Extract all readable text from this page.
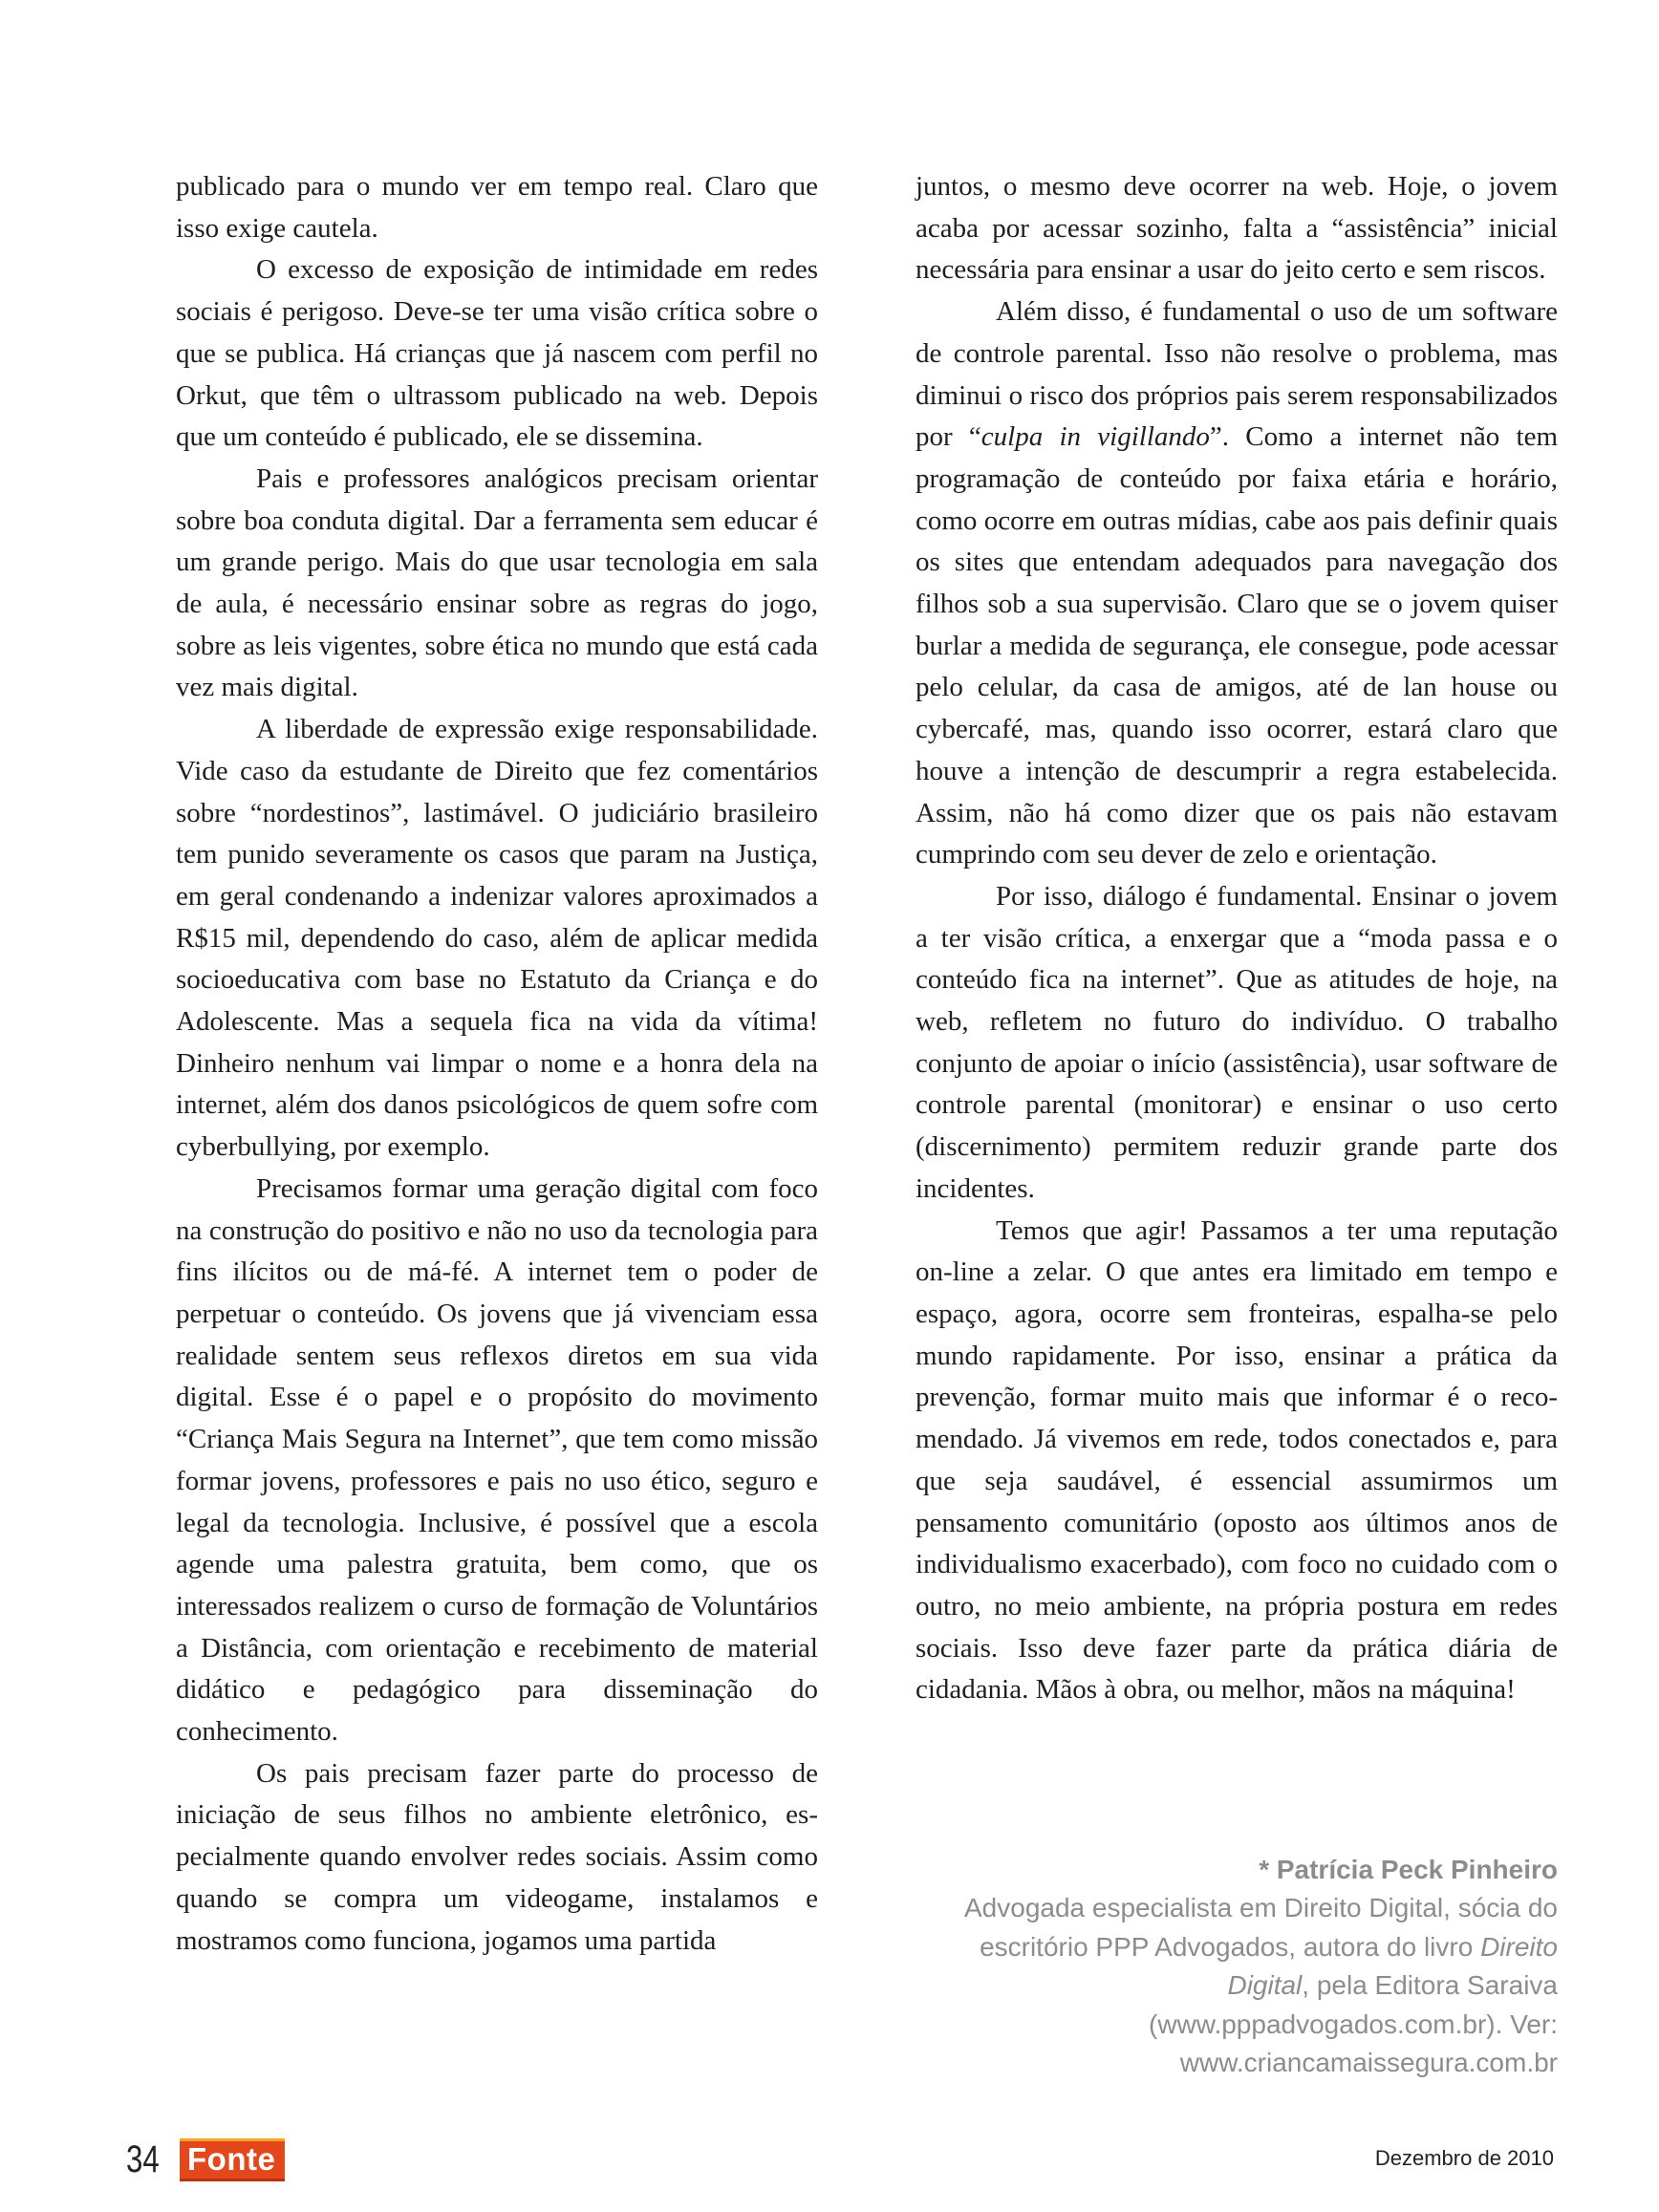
publicado para o mundo ver em tempo real. Claro que isso exige cautela.

O excesso de exposição de intimidade em redes sociais é perigoso. Deve-se ter uma visão crítica sobre o que se publica. Há crianças que já nascem com perfil no Orkut, que têm o ultrassom publicado na web. Depois que um conteúdo é publicado, ele se dissemina.

Pais e professores analógicos precisam orientar sobre boa conduta digital. Dar a ferramenta sem educar é um grande perigo. Mais do que usar tecnologia em sala de aula, é necessário ensinar sobre as regras do jogo, sobre as leis vigentes, sobre ética no mundo que está cada vez mais digital.

A liberdade de expressão exige responsabilidade. Vide caso da estudante de Direito que fez comentários sobre “nordestinos”, lastimável. O judiciário brasileiro tem punido severamente os casos que param na Justiça, em geral condenando a indenizar valores aproximados a R$15 mil, dependendo do caso, além de aplicar medida socioeducativa com base no Estatuto da Criança e do Adolescente. Mas a sequela fica na vida da vítima! Dinheiro nenhum vai limpar o nome e a honra dela na internet, além dos danos psicológicos de quem sofre com cyberbullying, por exemplo.

Precisamos formar uma geração digital com foco na construção do positivo e não no uso da tecnologia para fins ilícitos ou de má-fé. A internet tem o poder de perpetuar o conteúdo. Os jovens que já vivenciam essa realidade sentem seus reflexos diretos em sua vida digital. Esse é o papel e o propósito do movimento “Criança Mais Segura na Internet”, que tem como missão formar jovens, professores e pais no uso ético, seguro e legal da tecnologia. Inclusive, é possível que a escola agende uma palestra gratuita, bem como, que os interessados realizem o curso de formação de Voluntários a Distância, com orientação e recebimento de material didático e pedagógico para disseminação do conhecimento.

Os pais precisam fazer parte do processo de iniciação de seus filhos no ambiente eletrônico, especialmente quando envolver redes sociais. Assim como quando se compra um videogame, instalamos e mostramos como funciona, jogamos uma partida

juntos, o mesmo deve ocorrer na web. Hoje, o jovem acaba por acessar sozinho, falta a “assistência” inicial necessária para ensinar a usar do jeito certo e sem riscos.

Além disso, é fundamental o uso de um software de controle parental. Isso não resolve o problema, mas diminui o risco dos próprios pais serem responsabilizados por “culpa in vigillando”. Como a internet não tem programação de conteúdo por faixa etária e horário, como ocorre em outras mídias, cabe aos pais definir quais os sites que entendam adequados para navegação dos filhos sob a sua supervisão. Claro que se o jovem quiser burlar a medida de segurança, ele consegue, pode acessar pelo celular, da casa de amigos, até de lan house ou cybercafé, mas, quando isso ocorrer, estará claro que houve a intenção de descumprir a regra estabelecida. Assim, não há como dizer que os pais não estavam cumprindo com seu dever de zelo e orientação.

Por isso, diálogo é fundamental. Ensinar o jovem a ter visão crítica, a enxergar que a “moda passa e o conteúdo fica na internet”. Que as atitudes de hoje, na web, refletem no futuro do indivíduo. O trabalho conjunto de apoiar o início (assistência), usar software de controle parental (monitorar) e ensinar o uso certo (discernimento) permitem reduzir grande parte dos incidentes.

Temos que agir! Passamos a ter uma reputação on-line a zelar. O que antes era limitado em tempo e espaço, agora, ocorre sem fronteiras, espalha-se pelo mundo rapidamente. Por isso, ensinar a prática da prevenção, formar muito mais que informar é o recomendado. Já vivemos em rede, todos conectados e, para que seja saudável, é essencial assumirmos um pensamento comunitário (oposto aos últimos anos de individualismo exacerbado), com foco no cuidado com o outro, no meio ambiente, na própria postura em redes sociais. Isso deve fazer parte da prática diária de cidadania. Mãos à obra, ou melhor, mãos na máquina!

* Patrícia Peck Pinheiro

Advogada especialista em Direito Digital, sócia do escritório PPP Advogados, autora do livro Direito Digital, pela Editora Saraiva (www.pppadvogados.com.br). Ver: www.criancamaissegura.com.br

34 Fonte	Dezembro de 2010
